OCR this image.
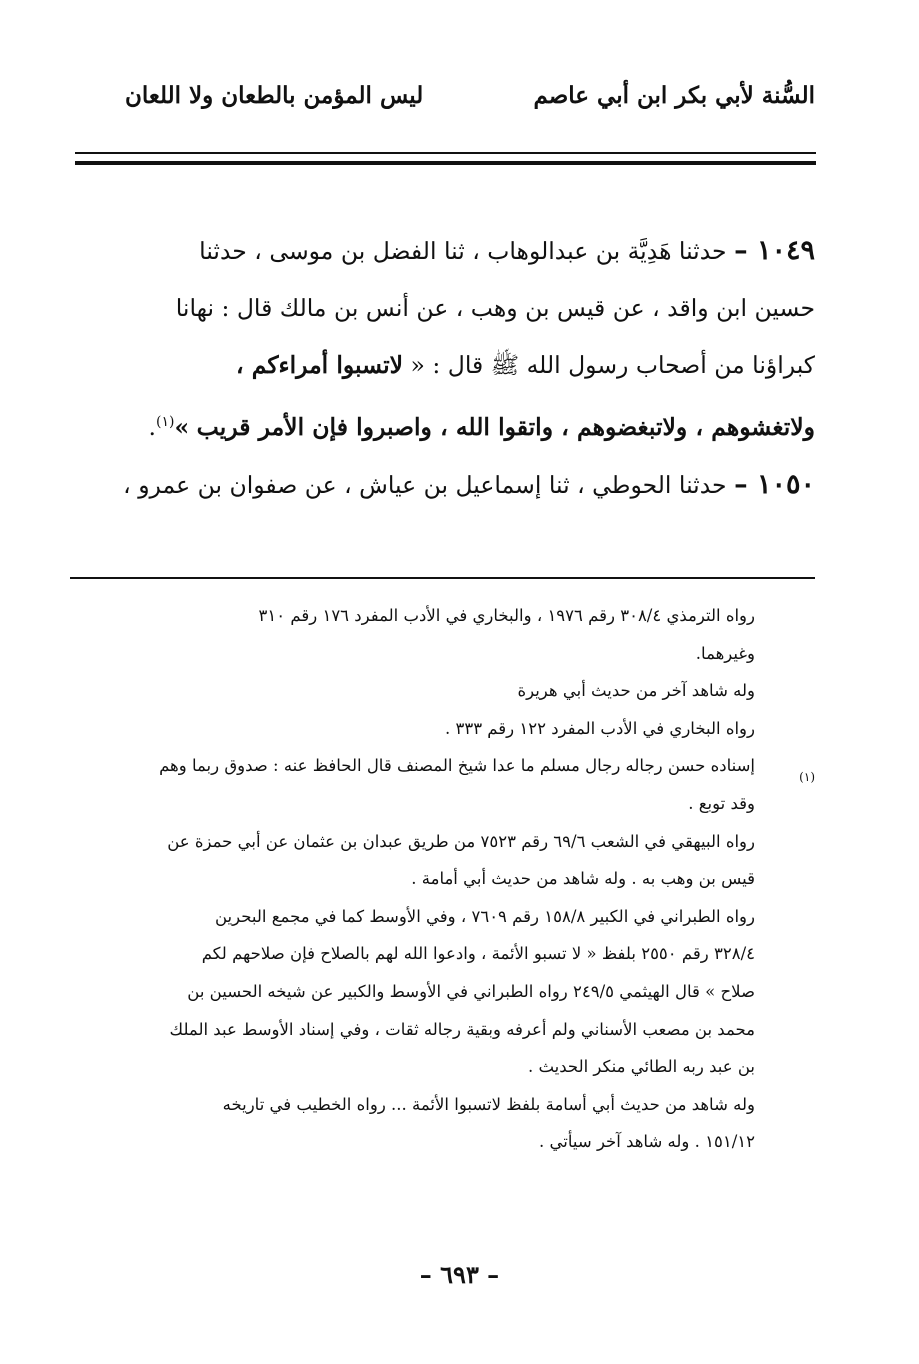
السُّنة لأبي بكر ابن أبي عاصم
ليس المؤمن بالطعان ولا اللعان

١٠٤٩ – حدثنا هَدِيَّة بن عبدالوهاب ، ثنا الفضل بن موسى ، حدثنا

حسين ابن واقد ، عن قيس بن وهب ، عن أنس بن مالك قال : نهانا

كبراؤنا من أصحاب رسول الله ﷺ قال : « لاتسبوا أمراءكم ،

ولاتغشوهم ، ولاتبغضوهم ، واتقوا الله ، واصبروا فإن الأمر قريب »$^{(١)}$.

١٠٥٠ – حدثنا الحوطي ، ثنا إسماعيل بن عياش ، عن صفوان بن عمرو ،

(١)

رواه الترمذي ٣٠٨/٤ رقم ١٩٧٦ ، والبخاري في الأدب المفرد ١٧٦ رقم ٣١٠

وغيرهما.

وله شاهد آخر من حديث أبي هريرة

رواه البخاري في الأدب المفرد ١٢٢ رقم ٣٣٣ .

إسناده حسن رجاله رجال مسلم ما عدا شيخ المصنف قال الحافظ عنه : صدوق ربما وهم

وقد توبع .

رواه البيهقي في الشعب ٦٩/٦ رقم ٧٥٢٣ من طريق عبدان بن عثمان عن أبي حمزة عن

قيس بن وهب به . وله شاهد من حديث أبي أمامة .

رواه الطبراني في الكبير ١٥٨/٨ رقم ٧٦٠٩ ، وفي الأوسط كما في مجمع البحرين

٣٢٨/٤ رقم ٢٥٥٠ بلفظ « لا تسبو الأئمة ، وادعوا الله لهم بالصلاح فإن صلاحهم لكم

صلاح » قال الهيثمي ٢٤٩/٥ رواه الطبراني في الأوسط والكبير عن شيخه الحسين بن

محمد بن مصعب الأسناني ولم أعرفه وبقية رجاله ثقات ، وفي إسناد الأوسط عبد الملك

بن عبد ربه الطائي منكر الحديث .

وله شاهد من حديث أبي أسامة بلفظ لاتسبوا الأئمة ... رواه الخطيب في تاريخه

١٥١/١٢ . وله شاهد آخر سيأتي .

– ٦٩٣ –
